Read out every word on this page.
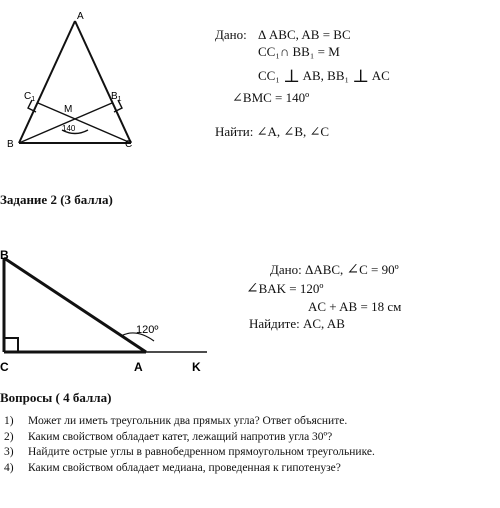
A
B	C
$C_1$	$B_1$
M
140
Дано: Δ ABC, AB = BC
CC₁∩ BB₁ = M
CC₁ ⊥ AB, BB₁ ⊥ AC
∠BMC = 140º
Найти: ∠A, ∠B, ∠C
Задание 2 (3 балла)
B
C	A	K
120º
Дано: ΔABC, ∠C = 90º
∠BAK = 120º
AC + AB = 18 см
Найдите: AC, AB
Вопросы ( 4 балла)
1)	Может ли иметь треугольник два прямых угла? Ответ объясните.
2)	Каким свойством обладает катет, лежащий напротив угла 30º?
3)	Найдите острые углы в равнобедренном прямоугольном треугольнике.
4)	Каким свойством обладает медиана, проведенная к гипотенузе?
